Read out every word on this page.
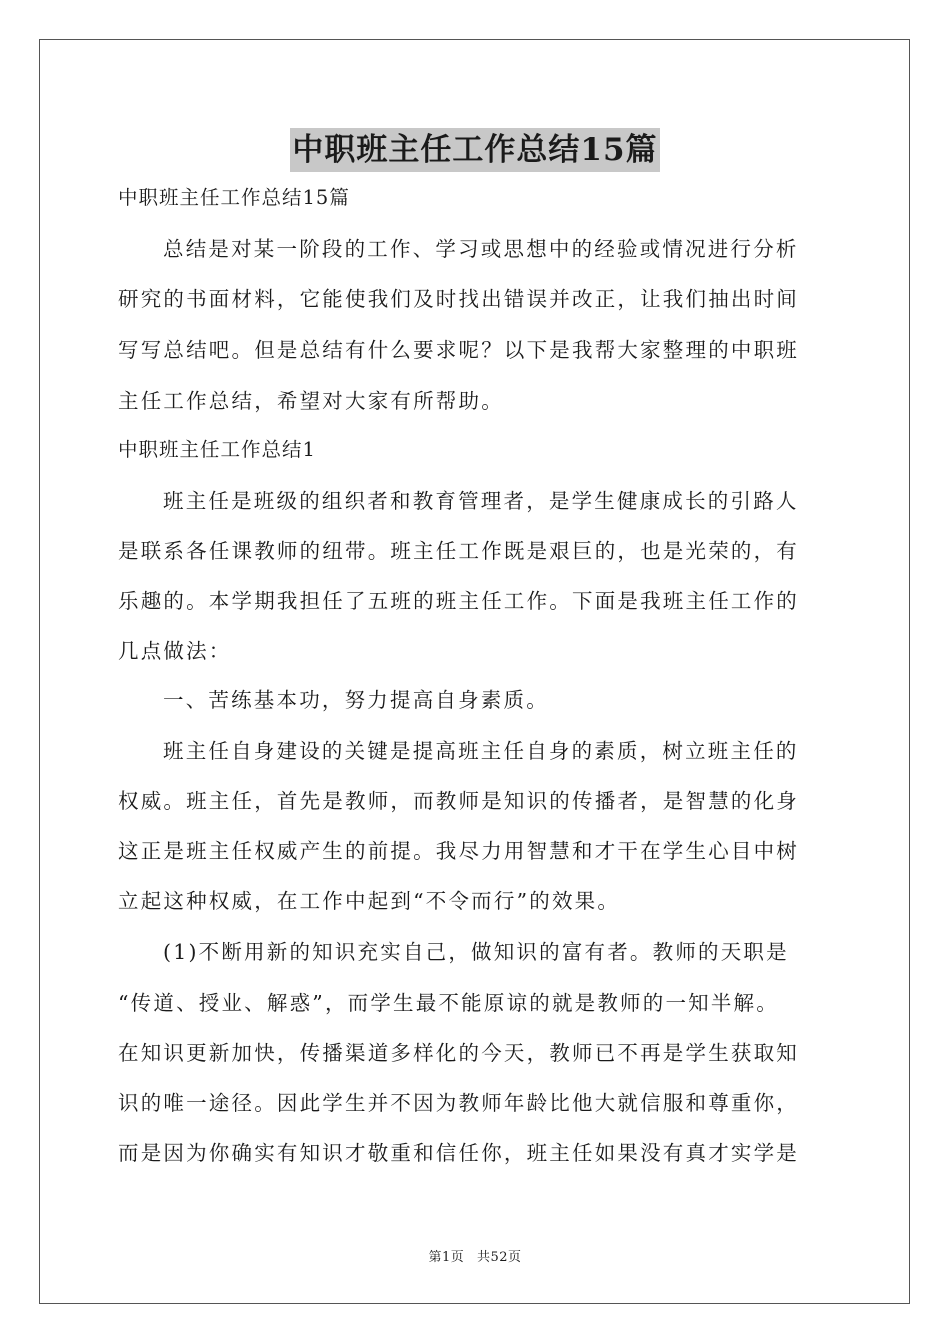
中职班主任工作总结15篇
中职班主任工作总结15篇
总结是对某一阶段的工作、学习或思想中的经验或情况进行分析
研究的书面材料，它能使我们及时找出错误并改正，让我们抽出时间
写写总结吧。但是总结有什么要求呢？以下是我帮大家整理的中职班
主任工作总结，希望对大家有所帮助。
中职班主任工作总结1
班主任是班级的组织者和教育管理者，是学生健康成长的引路人
是联系各任课教师的纽带。班主任工作既是艰巨的，也是光荣的，有
乐趣的。本学期我担任了五班的班主任工作。下面是我班主任工作的
几点做法：
一、苦练基本功，努力提高自身素质。
班主任自身建设的关键是提高班主任自身的素质，树立班主任的
权威。班主任，首先是教师，而教师是知识的传播者，是智慧的化身
这正是班主任权威产生的前提。我尽力用智慧和才干在学生心目中树
立起这种权威，在工作中起到“不令而行”的效果。
(1)不断用新的知识充实自己，做知识的富有者。教师的天职是
“传道、授业、解惑”，而学生最不能原谅的就是教师的一知半解。
在知识更新加快，传播渠道多样化的今天，教师已不再是学生获取知
识的唯一途径。因此学生并不因为教师年龄比他大就信服和尊重你，
而是因为你确实有知识才敬重和信任你，班主任如果没有真才实学是
第1页 共52页
